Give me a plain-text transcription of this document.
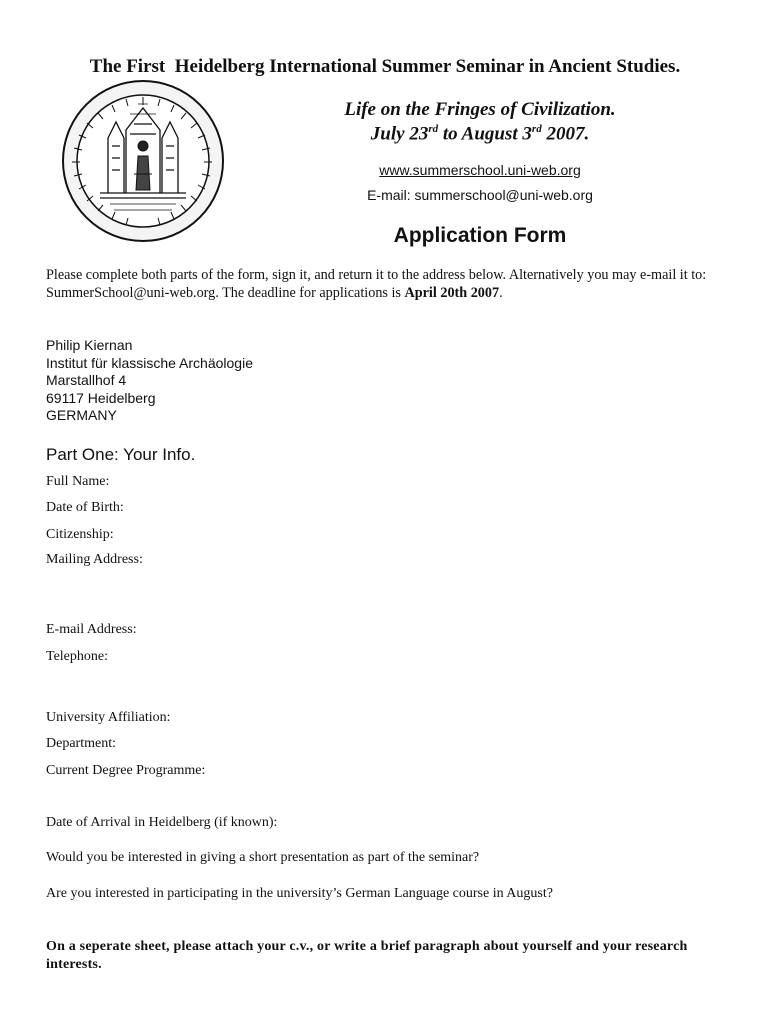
The First  Heidelberg International Summer Seminar in Ancient Studies.
Life on the Fringes of Civilization.
July 23rd to August 3rd 2007.
www.summerschool.uni-web.org
E-mail: summerschool@uni-web.org
Application Form
Please complete both parts of the form, sign it, and return it to the address below. Alternatively you may e-mail it to: SummerSchool@uni-web.org. The deadline for applications is April 20th 2007.
Philip Kiernan
Institut für klassische Archäologie
Marstallhof 4
69117 Heidelberg
GERMANY
Part One: Your Info.
Full Name:
Date of Birth:
Citizenship:
Mailing Address:
E-mail Address:
Telephone:
University Affiliation:
Department:
Current Degree Programme:
Date of Arrival in Heidelberg (if known):
Would you be interested in giving a short presentation as part of the seminar?
Are you interested in participating in the university’s German Language course in August?
On a seperate sheet, please attach your c.v., or write a brief paragraph about yourself and your research interests.
